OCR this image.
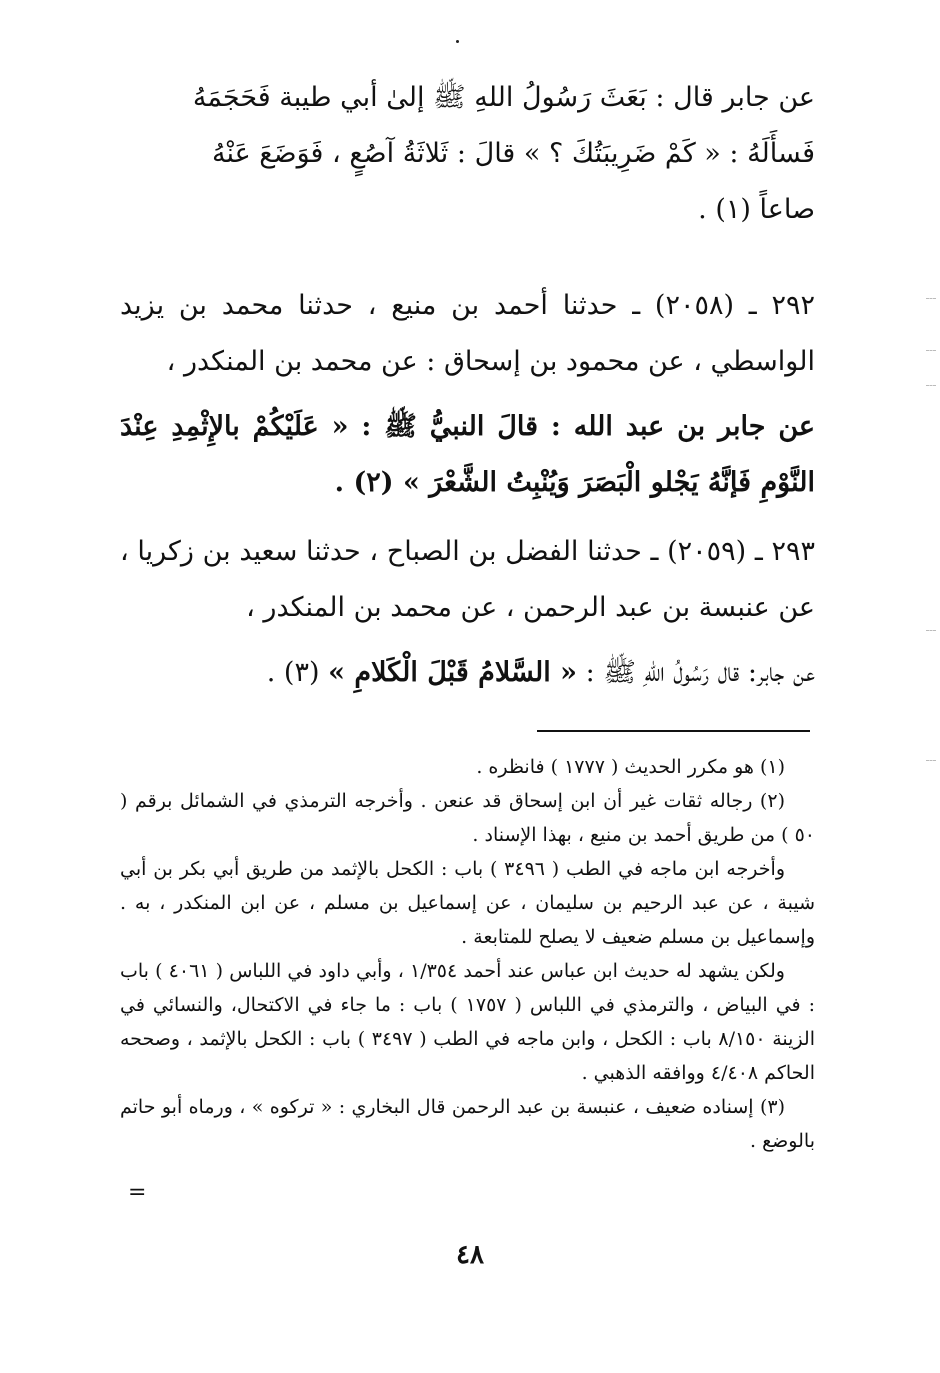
عن جابر قال : بَعَثَ رَسُولُ اللهِ ﷺ إلىٰ أبي طيبة فَحَجَمَهُ

فَسأَلَهُ : « كَمْ ضَرِيبَتُكَ ؟ » قالَ : ثَلاثَةُ آصُعٍ ، فَوَضَعَ عَنْهُ

صاعاً (١) .

٢٩٢ ـ (٢٠٥٨) ـ حدثنا أحمد بن منيع ، حدثنا محمد بن يزيد الواسطي ، عن محمود بن إسحاق : عن محمد بن المنكدر ،

عن جابر بن عبد الله : قالَ النبيُّ ﷺ : « عَلَيْكُمْ بالإِثْمِدِ عِنْدَ النَّوْمِ فَإنَّهُ يَجْلو الْبَصَرَ وَيُنْبِتُ الشَّعْرَ » (٢) .

٢٩٣ ـ (٢٠٥٩) ـ حدثنا الفضل بن الصباح ، حدثنا سعيد بن زكريا ، عن عنبسة بن عبد الرحمن ، عن محمد بن المنكدر ،

عن جابر: قال رَسُولُ اللهِ ﷺ : « السَّلامُ قَبْلَ الْكَلامِ » (٣) .

(١) هو مكرر الحديث ( ١٧٧٧ ) فانظره .

(٢) رجاله ثقات غير أن ابن إسحاق قد عنعن . وأخرجه الترمذي في الشمائل برقم ( ٥٠ ) من طريق أحمد بن منيع ، بهذا الإسناد .

وأخرجه ابن ماجه في الطب ( ٣٤٩٦ ) باب : الكحل بالإثمد من طريق أبي بكر بن أبي شيبة ، عن عبد الرحيم بن سليمان ، عن إسماعيل بن مسلم ، عن ابن المنكدر ، به . وإسماعيل بن مسلم ضعيف لا يصلح للمتابعة .

ولكن يشهد له حديث ابن عباس عند أحمد ١/٣٥٤ ، وأبي داود في اللباس ( ٤٠٦١ ) باب : في البياض ، والترمذي في اللباس ( ١٧٥٧ ) باب : ما جاء في الاكتحال، والنسائي في الزينة ٨/١٥٠ باب : الكحل ، وابن ماجه في الطب ( ٣٤٩٧ ) باب : الكحل بالإثمد ، وصححه الحاكم ٤/٤٠٨ ووافقه الذهبي .

(٣) إسناده ضعيف ، عنبسة بن عبد الرحمن قال البخاري : « تركوه » ، ورماه أبو حاتم بالوضع .

=
٤٨
